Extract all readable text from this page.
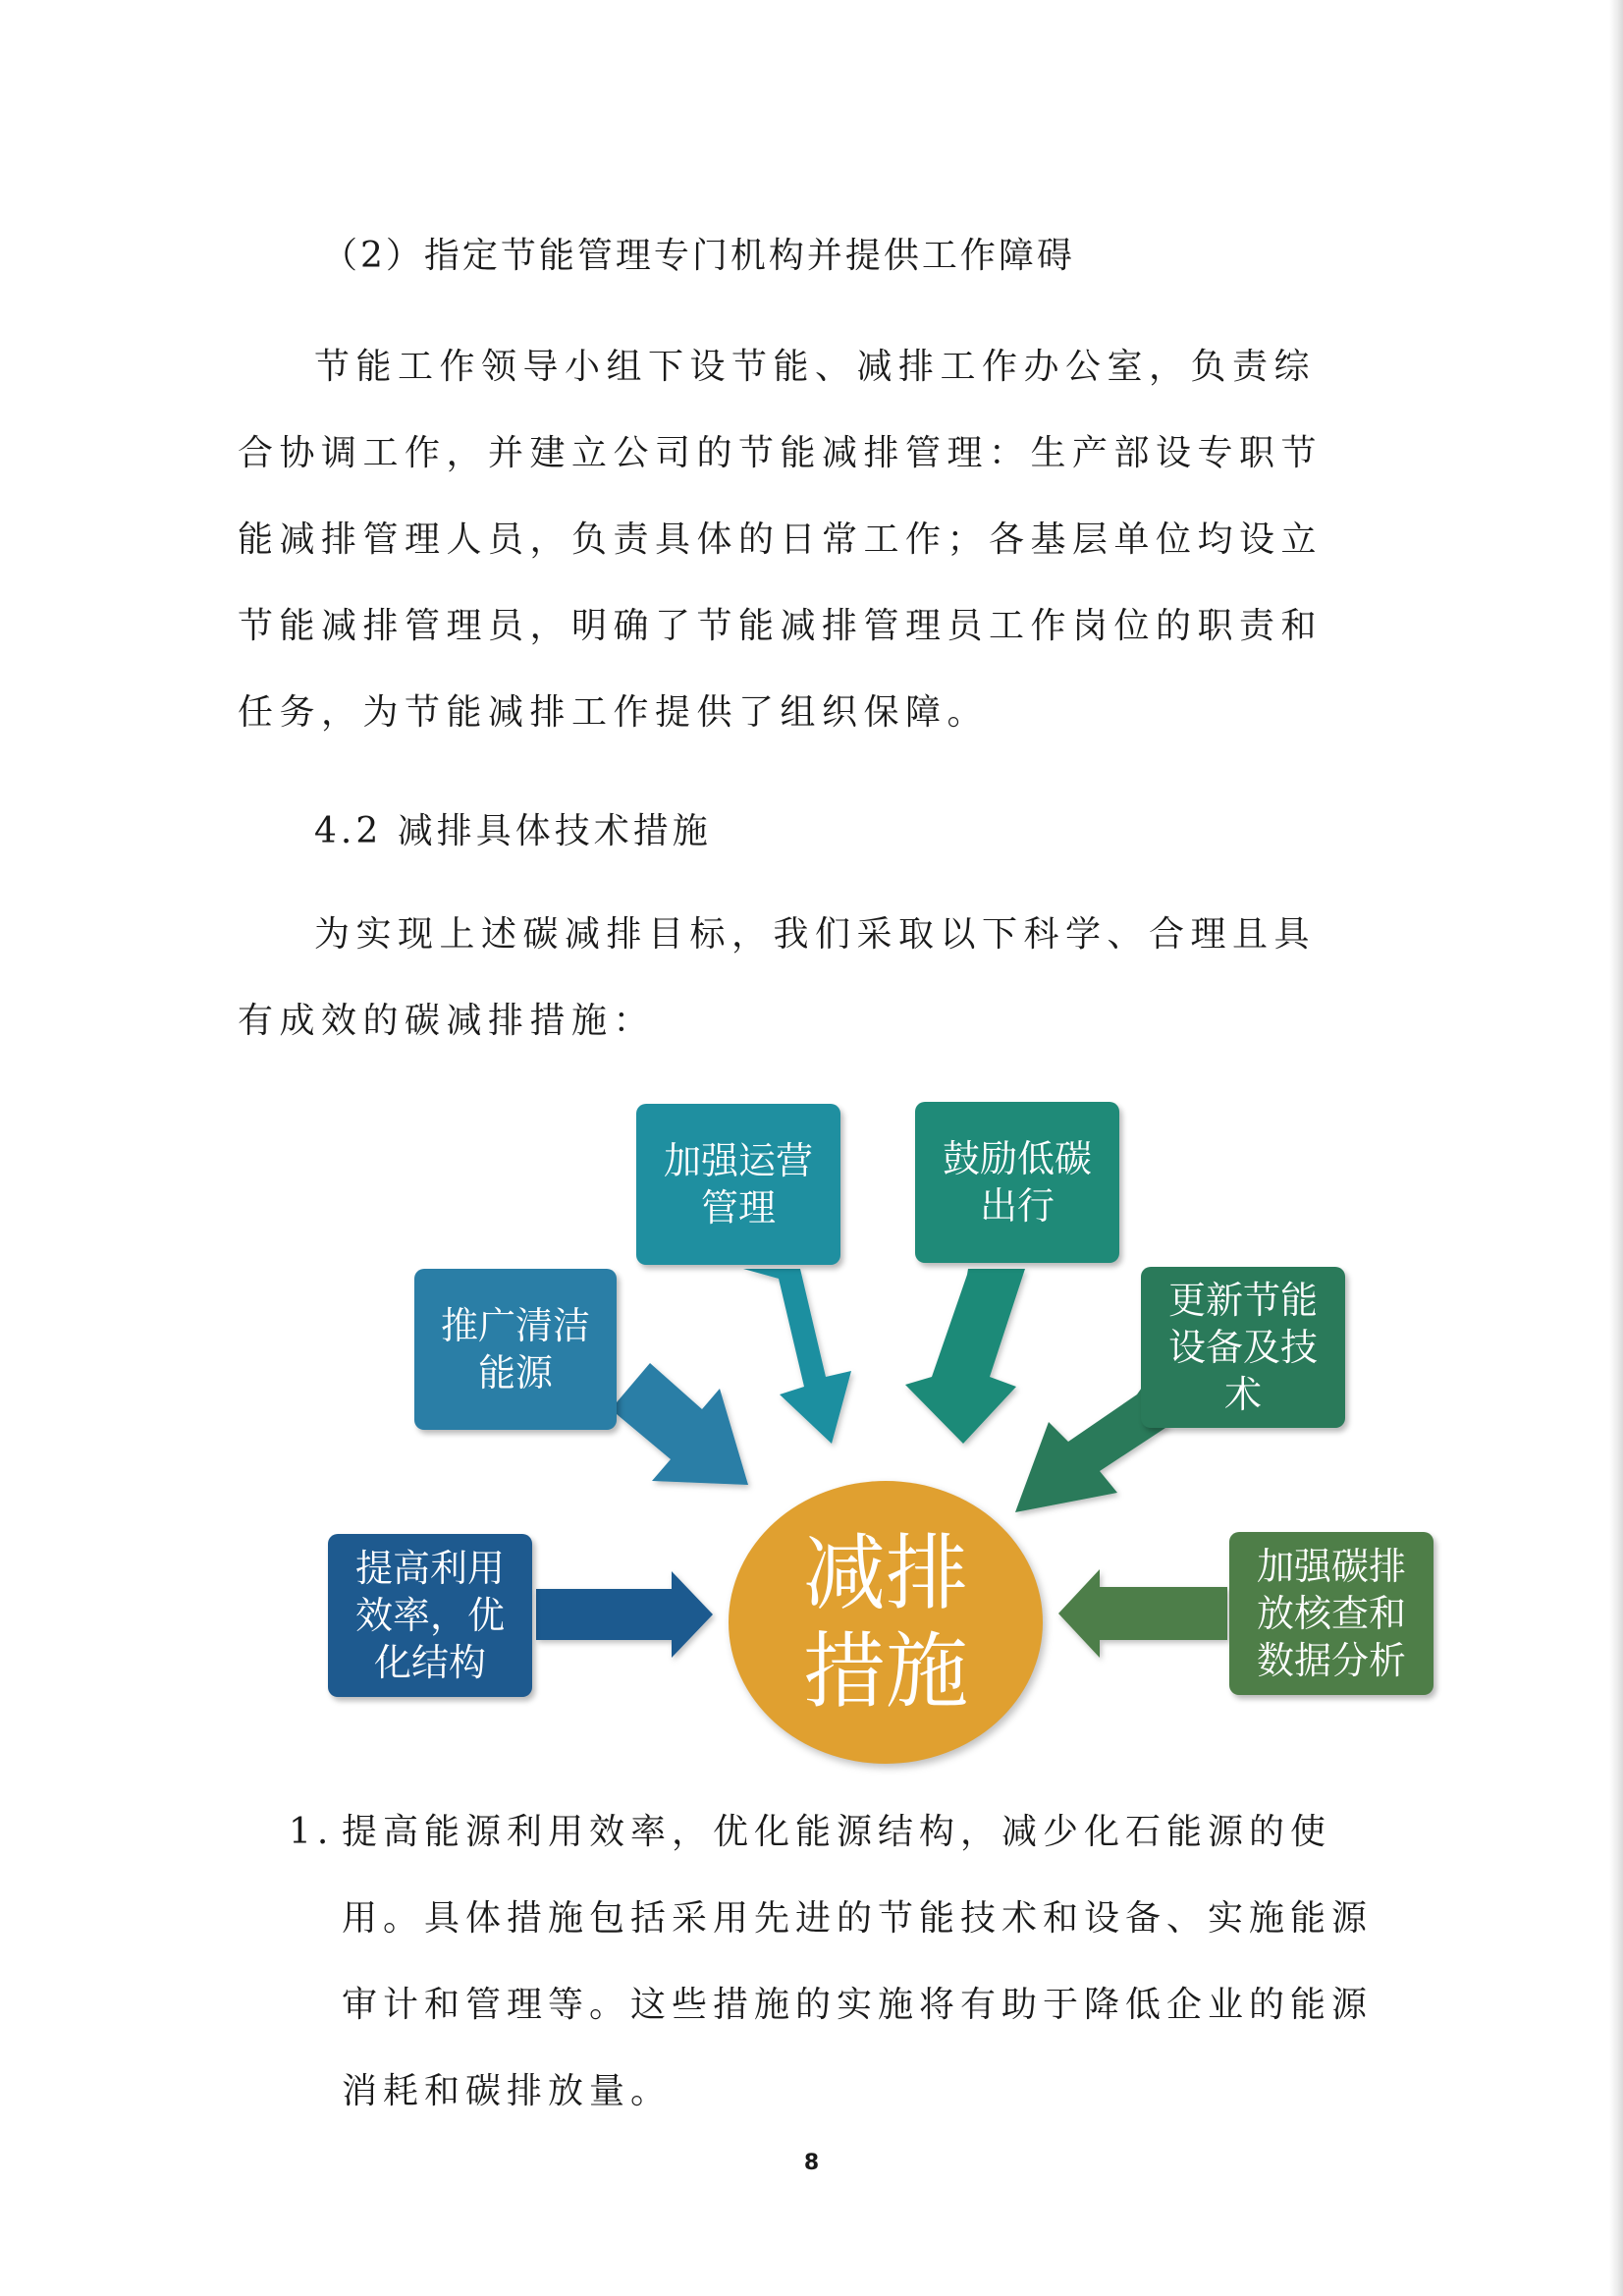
（2）指定节能管理专门机构并提供工作障碍

节能工作领导小组下设节能、减排工作办公室，负责综合协调工作，并建立公司的节能减排管理：生产部设专职节能减排管理人员，负责具体的日常工作；各基层单位均设立节能减排管理员，明确了节能减排管理员工作岗位的职责和任务，为节能减排工作提供了组织保障。

4.2 减排具体技术措施

为实现上述碳减排目标，我们采取以下科学、合理且具有成效的碳减排措施：

加强运营管理
鼓励低碳出行
推广清洁能源
更新节能设备及技术
提高利用效率，优化结构
加强碳排放核查和数据分析
减排措施
1. 提高能源利用效率，优化能源结构，减少化石能源的使用。具体措施包括采用先进的节能技术和设备、实施能源审计和管理等。这些措施的实施将有助于降低企业的能源消耗和碳排放量。
8
